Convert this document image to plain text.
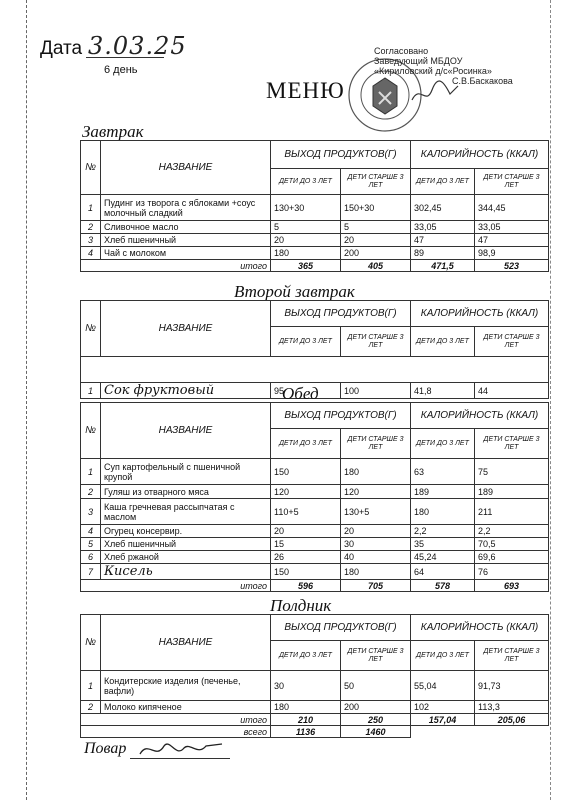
Дата 3.03.25
6 день
Согласовано
Заведующий МБДОУ
«Кириловский д/с«Росинка»
С.В.Баскакова
МЕНЮ
Завтрак
№	НАЗВАНИЕ	ВЫХОД ПРОДУКТОВ(Г)		КАЛОРИЙНОСТЬ (ККАЛ)	
		ДЕТИ ДО 3 ЛЕТ	ДЕТИ СТАРШЕ 3 ЛЕТ	ДЕТИ ДО 3 ЛЕТ	ДЕТИ СТАРШЕ 3 ЛЕТ
1	Пудинг из творога с яблоками +соус молочный сладкий	130+30	150+30	302,45	344,45
2	Сливочное масло	5	5	33,05	33,05
3	Хлеб пшеничный	20	20	47	47
4	Чай с молоком	180	200	89	98,9
итого		365	405	471,5	523
Второй завтрак
№	НАЗВАНИЕ	ВЫХОД ПРОДУКТОВ(Г)		КАЛОРИЙНОСТЬ (ККАЛ)	
		ДЕТИ ДО 3 ЛЕТ	ДЕТИ СТАРШЕ 3 ЛЕТ	ДЕТИ ДО 3 ЛЕТ	ДЕТИ СТАРШЕ 3 ЛЕТ

1	Сок фруктовый	95	100	41,8	44
Обед
№	НАЗВАНИЕ	ВЫХОД ПРОДУКТОВ(Г)		КАЛОРИЙНОСТЬ (ККАЛ)	
		ДЕТИ ДО 3 ЛЕТ	ДЕТИ СТАРШЕ 3 ЛЕТ	ДЕТИ ДО 3 ЛЕТ	ДЕТИ СТАРШЕ 3 ЛЕТ
1	Суп картофельный с пшеничной крупой	150	180	63	75
2	Гуляш из отварного мяса	120	120	189	189
3	Каша гречневая рассыпчатая с маслом	110+5	130+5	180	211
4	Огурец консервир.	20	20	2,2	2,2
5	Хлеб пшеничный	15	30	35	70,5
6	Хлеб ржаной	26	40	45,24	69,6
7	Кисель	150	180	64	76
итого		596	705	578	693
Полдник
№	НАЗВАНИЕ	ВЫХОД ПРОДУКТОВ(Г)		КАЛОРИЙНОСТЬ (ККАЛ)	
		ДЕТИ ДО 3 ЛЕТ	ДЕТИ СТАРШЕ 3 ЛЕТ	ДЕТИ ДО 3 ЛЕТ	ДЕТИ СТАРШЕ 3 ЛЕТ
1	Кондитерские изделия (печенье, вафли)	30	50	55,04	91,73
2	Молоко кипяченое	180	200	102	113,3
итого		210	250	157,04	205,06
всего		1136	1460		
Повар
